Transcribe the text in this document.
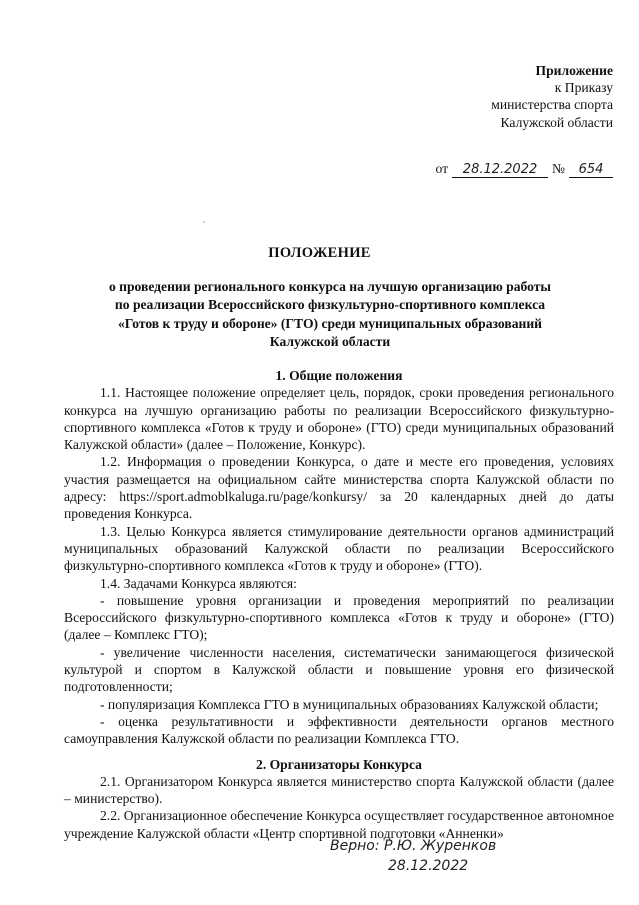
Приложение
к Приказу
министерства спорта
Калужской области
от	28.12.2022	№	654
ПОЛОЖЕНИЕ
о проведении регионального конкурса на лучшую организацию работы
по реализации Всероссийского физкультурно-спортивного комплекса
«Готов к труду и обороне» (ГТО) среди муниципальных образований
Калужской области

1. Общие положения

1.1. Настоящее положение определяет цель, порядок, сроки проведения регионального конкурса на лучшую организацию работы по реализации Всероссийского физкультурно-спортивного комплекса «Готов к труду и обороне» (ГТО) среди муниципальных образований Калужской области» (далее – Положение, Конкурс).

1.2. Информация о проведении Конкурса, о дате и месте его проведения, условиях участия размещается на официальном сайте министерства спорта Калужской области по адресу: https://sport.admoblkaluga.ru/page/konkursy/ за 20 календарных дней до даты проведения Конкурса.

1.3. Целью Конкурса является стимулирование деятельности органов администраций муниципальных образований Калужской области по реализации Всероссийского физкультурно-спортивного комплекса «Готов к труду и обороне» (ГТО).

1.4. Задачами Конкурса являются:

- повышение уровня организации и проведения мероприятий по реализации Всероссийского физкультурно-спортивного комплекса «Готов к труду и обороне» (ГТО) (далее – Комплекс ГТО);

- увеличение численности населения, систематически занимающегося физической культурой и спортом в Калужской области и повышение уровня его физической подготовленности;

- популяризация Комплекса ГТО в муниципальных образованиях Калужской области;

- оценка результативности и эффективности деятельности органов местного самоуправления Калужской области по реализации Комплекса ГТО.

2. Организаторы Конкурса

2.1. Организатором Конкурса является министерство спорта Калужской области (далее – министерство).

2.2. Организационное обеспечение Конкурса осуществляет государственное автономное учреждение Калужской области «Центр спортивной подготовки «Анненки»

Верно: Р.Ю. Журенков
28.12.2022
